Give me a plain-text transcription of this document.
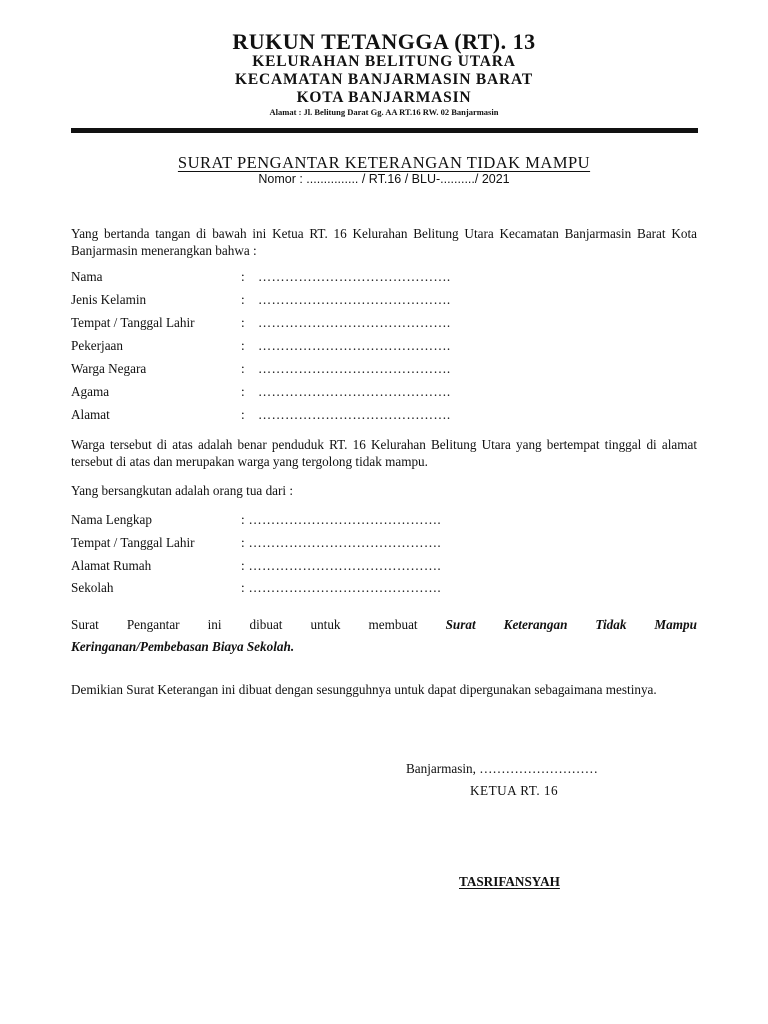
RUKUN TETANGGA (RT). 13
KELURAHAN BELITUNG UTARA
KECAMATAN BANJARMASIN BARAT
KOTA BANJARMASIN
Alamat : Jl. Belitung Darat Gg. AA RT.16 RW. 02 Banjarmasin
SURAT PENGANTAR KETERANGAN TIDAK MAMPU
Nomor : ............... / RT.16 / BLU-........../ 2021
Yang bertanda tangan di bawah ini Ketua RT. 16 Kelurahan Belitung Utara Kecamatan Banjarmasin Barat Kota Banjarmasin menerangkan bahwa :
Nama	: …………………………………….
Jenis Kelamin	: …………………………………….
Tempat / Tanggal Lahir	: …………………………………….
Pekerjaan	: …………………………………….
Warga Negara	: …………………………………….
Agama	: …………………………………….
Alamat	: …………………………………….
Warga tersebut di atas adalah benar penduduk RT. 16 Kelurahan Belitung Utara yang bertempat tinggal di alamat tersebut di atas dan merupakan warga yang tergolong tidak mampu.
Yang bersangkutan adalah orang tua dari :
Nama Lengkap	: …………………………………….
Tempat / Tanggal Lahir	: …………………………………….
Alamat Rumah	: …………………………………….
Sekolah	: …………………………………….
Surat Pengantar ini dibuat untuk membuat Surat Keterangan Tidak Mampu
Keringanan/Pembebasan Biaya Sekolah.
Demikian Surat Keterangan ini dibuat dengan sesungguhnya untuk dapat dipergunakan sebagaimana mestinya.
Banjarmasin, ………………………
KETUA RT. 16
TASRIFANSYAH
